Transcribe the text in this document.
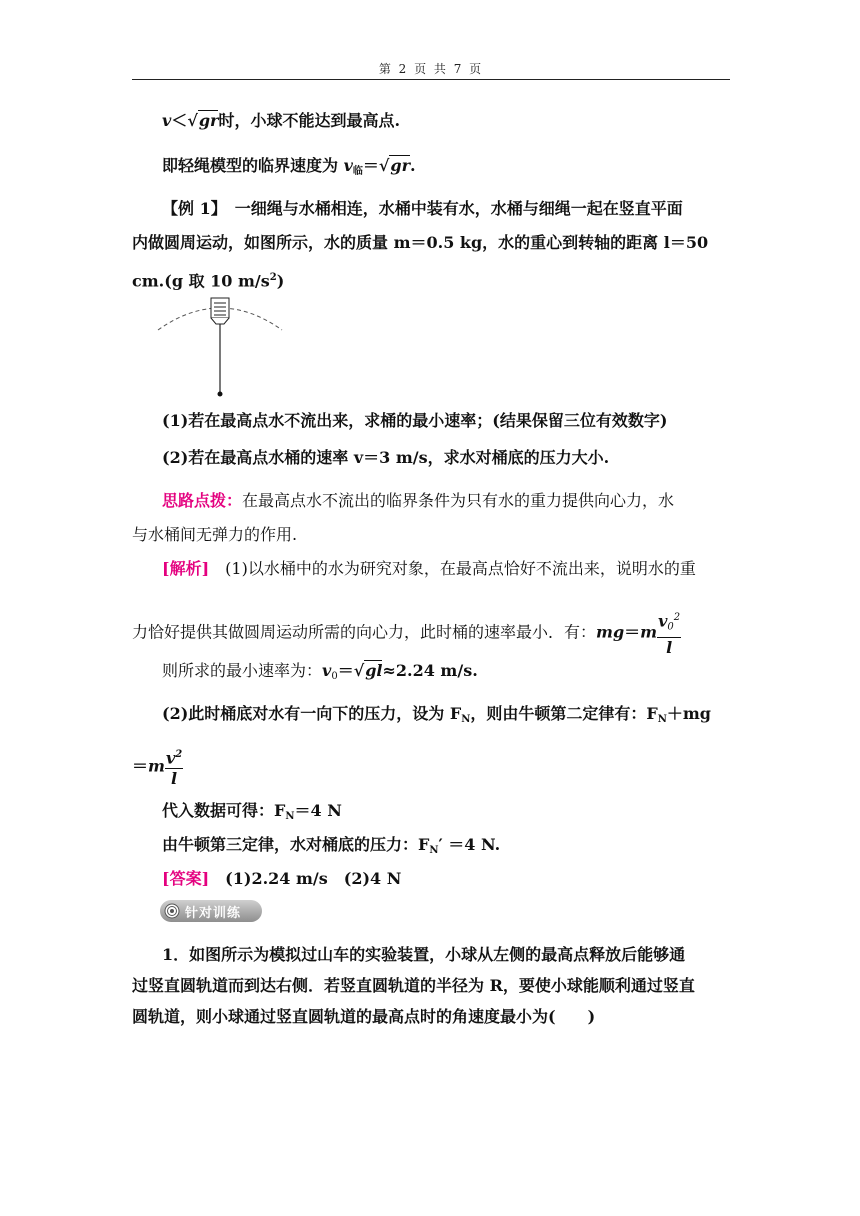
第 2 页 共 7 页
v＜√gr时，小球不能达到最高点.
即轻绳模型的临界速度为 $v_临=√gr$.
【例 1】　 一细绳与水桶相连，水桶中装有水，水桶与细绳一起在竖直平面
内做圆周运动，如图所示，水的质量 m＝0.5 kg，水的重心到转轴的距离 l＝50
cm.(g 取 10 $m/s^2$)
(1)若在最高点水不流出来，求桶的最小速率；(结果保留三位有效数字)
(2)若在最高点水桶的速率 v＝3 m/s，求水对桶底的压力大小.
思路点拨：在最高点水不流出的临界条件为只有水的重力提供向心力，水
与水桶间无弹力的作用.
[解析]　 (1)以水桶中的水为研究对象，在最高点恰好不流出来，说明水的重
力恰好提供其做圆周运动所需的向心力，此时桶的速率最小．有：$mg=m \frac{v_0^2}{l}$
则所求的最小速率为：$v_0=√gl\approx 2.24$ m/s.
(2)此时桶底对水有一向下的压力，设为 $F_N$，则由牛顿第二定律有：$F_N+mg$
$=m \frac{v^2}{l}$
代入数据可得：$F_N=4$ N
由牛顿第三定律，水对桶底的压力：$F_N' =4$ N.
[答案]　 (1)2.24 m/s　(2)4 N
针对训练
1．如图所示为模拟过山车的实验装置，小球从左侧的最高点释放后能够通
过竖直圆轨道而到达右侧．若竖直圆轨道的半径为 R，要使小球能顺利通过竖直
圆轨道，则小球通过竖直圆轨道的最高点时的角速度最小为(　　)
